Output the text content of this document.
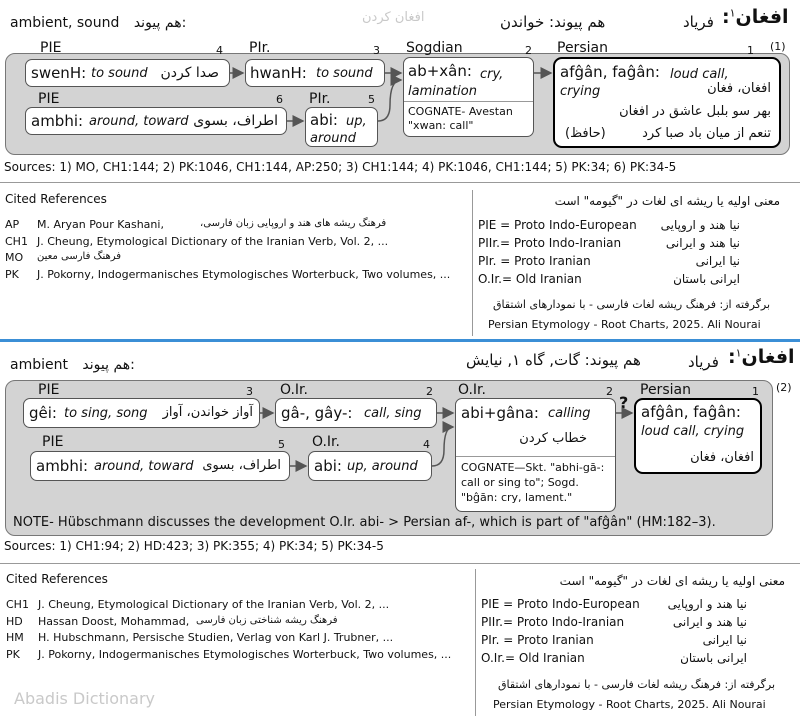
ambient, sound هم پیوند:	افغان کردن	هم پیوند: خواندن	فریاد	افغان$^۱$:
(1)
PIE	4
swenH: to sound صدا کردن
PIr.	3
hwanH: to sound
Sogdian	2
ab+xân: cry, lamination
COGNATE- Avestan
"xwan: call"
Persian	1
afĝân, faĝân: loud call,
crying	افغان، فغان
بهر سو بلبل عاشق در افغان
تنعم از میان باد صبا کرد
(حافظ)
PIE	6
ambhi: around, toward اطراف، بسوی
PIr.	5
abi: up,
around
Sources: 1) MO, CH1:144; 2) PK:1046, CH1:144, AP:250; 3) CH1:144; 4) PK:1046, CH1:144; 5) PK:34; 6) PK:34-5
Cited References
AP M. Aryan Pour Kashani,	فرهنگ ریشه های هند و اروپایی زبان فارسی،
CH1 J. Cheung, Etymological Dictionary of the Iranian Verb, Vol. 2, ...
MO فرهنگ فارسی معین
PK J. Pokorny, Indogermanisches Etymologisches Worterbuck, Two volumes, ...
معنی اولیه یا ریشه ای لغات در "گیومه" است
PIE = Proto Indo-European نیا هند و اروپایی
PIIr.= Proto Indo-Iranian	نیا هند و ایرانی
PIr. = Proto Iranian	نیا ایرانی
O.Ir.= Old Iranian	ایرانی باستان
برگرفته از: فرهنگ ریشه لغات فارسی - با نمودارهای اشتقاق
Persian Etymology - Root Charts, 2025. Ali Nourai
ambient هم پیوند:	هم پیوند: گات, گاه ۱, نیایش	فریاد	افغان$^۱$:
(2)
PIE	3
gêi: to sing, song آواز خواندن، آواز
O.Ir.	2
gâ-, gây-: call, sing
O.Ir.	2
abi+gâna: calling
خطاب کردن
COGNATE—Skt. "abhi-gā-:
call or sing to"; Sogd.
"bĝān: cry, lament."
?
Persian	1
afĝân, faĝân:
loud call, crying
افغان، فغان
PIE	5
ambhi: around, toward اطراف، بسوی
O.Ir.	4
abi: up, around
NOTE- Hübschmann discusses the development O.Ir. abi- > Persian af-, which is part of "afĝân" (HM:182–3).
Sources: 1) CH1:94; 2) HD:423; 3) PK:355; 4) PK:34; 5) PK:34-5
Cited References
CH1 J. Cheung, Etymological Dictionary of the Iranian Verb, Vol. 2, ...
HD Hassan Doost, Mohammad, فرهنگ ریشه شناختی زبان فارسی
HM H. Hubschmann, Persische Studien, Verlag von Karl J. Trubner, ...
PK J. Pokorny, Indogermanisches Etymologisches Worterbuck, Two volumes, ...
معنی اولیه یا ریشه ای لغات در "گیومه" است
PIE = Proto Indo-European نیا هند و اروپایی
PIIr.= Proto Indo-Iranian	نیا هند و ایرانی
PIr. = Proto Iranian	نیا ایرانی
O.Ir.= Old Iranian	ایرانی باستان
برگرفته از: فرهنگ ریشه لغات فارسی - با نمودارهای اشتقاق
Persian Etymology - Root Charts, 2025. Ali Nourai
Abadis Dictionary
